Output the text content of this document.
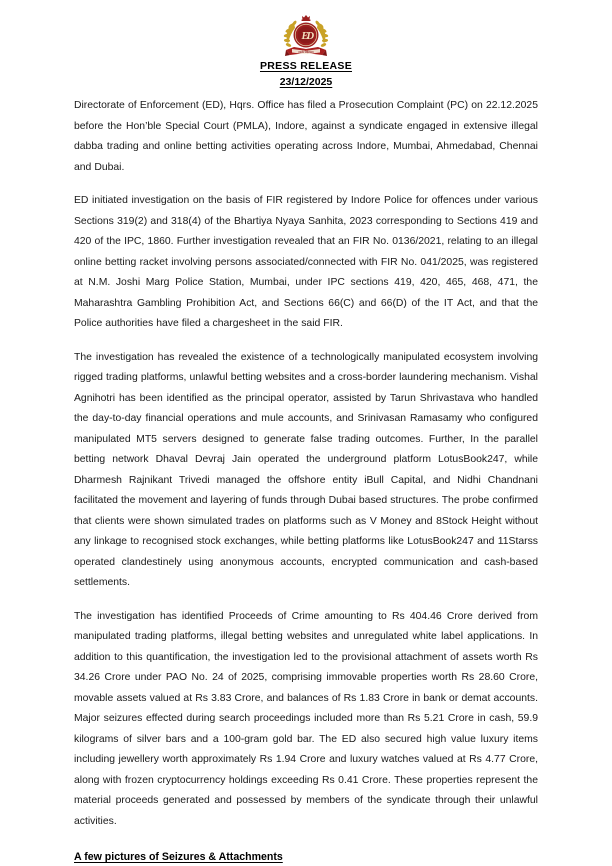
E
D
प्रवर्तन निदेशालय
PRESS RELEASE
23/12/2025

Directorate of Enforcement (ED), Hqrs. Office has filed a Prosecution Complaint (PC) on 22.12.2025 before the Hon’ble Special Court (PMLA), Indore, against a syndicate engaged in extensive illegal dabba trading and online betting activities operating across Indore, Mumbai, Ahmedabad, Chennai and Dubai.

ED initiated investigation on the basis of FIR registered by Indore Police for offences under various Sections 319(2) and 318(4) of the Bhartiya Nyaya Sanhita, 2023 corresponding to Sections 419 and 420 of the IPC, 1860. Further investigation revealed that an FIR No. 0136/2021, relating to an illegal online betting racket involving persons associated/connected with FIR No. 041/2025, was registered at N.M. Joshi Marg Police Station, Mumbai, under IPC sections 419, 420, 465, 468, 471, the Maharashtra Gambling Prohibition Act, and Sections 66(C) and 66(D) of the IT Act, and that the Police authorities have filed a chargesheet in the said FIR.

The investigation has revealed the existence of a technologically manipulated ecosystem involving rigged trading platforms, unlawful betting websites and a cross-border laundering mechanism. Vishal Agnihotri has been identified as the principal operator, assisted by Tarun Shrivastava who handled the day-to-day financial operations and mule accounts, and Srinivasan Ramasamy who configured manipulated MT5 servers designed to generate false trading outcomes. Further, In the parallel betting network Dhaval Devraj Jain operated the underground platform LotusBook247, while Dharmesh Rajnikant Trivedi managed the offshore entity iBull Capital, and Nidhi Chandnani facilitated the movement and layering of funds through Dubai based structures. The probe confirmed that clients were shown simulated trades on platforms such as V Money and 8Stock Height without any linkage to recognised stock exchanges, while betting platforms like LotusBook247 and 11Starss operated clandestinely using anonymous accounts, encrypted communication and cash-based settlements.

The investigation has identified Proceeds of Crime amounting to Rs 404.46 Crore derived from manipulated trading platforms, illegal betting websites and unregulated white label applications. In addition to this quantification, the investigation led to the provisional attachment of assets worth Rs 34.26 Crore under PAO No. 24 of 2025, comprising immovable properties worth Rs 28.60 Crore, movable assets valued at Rs 3.83 Crore, and balances of Rs 1.83 Crore in bank or demat accounts. Major seizures effected during search proceedings included more than Rs 5.21 Crore in cash, 59.9 kilograms of silver bars and a 100-gram gold bar. The ED also secured high value luxury items including jewellery worth approximately Rs 1.94 Crore and luxury watches valued at Rs 4.77 Crore, along with frozen cryptocurrency holdings exceeding Rs 0.41 Crore. These properties represent the material proceeds generated and possessed by members of the syndicate through their unlawful activities.

A few pictures of Seizures & Attachments
